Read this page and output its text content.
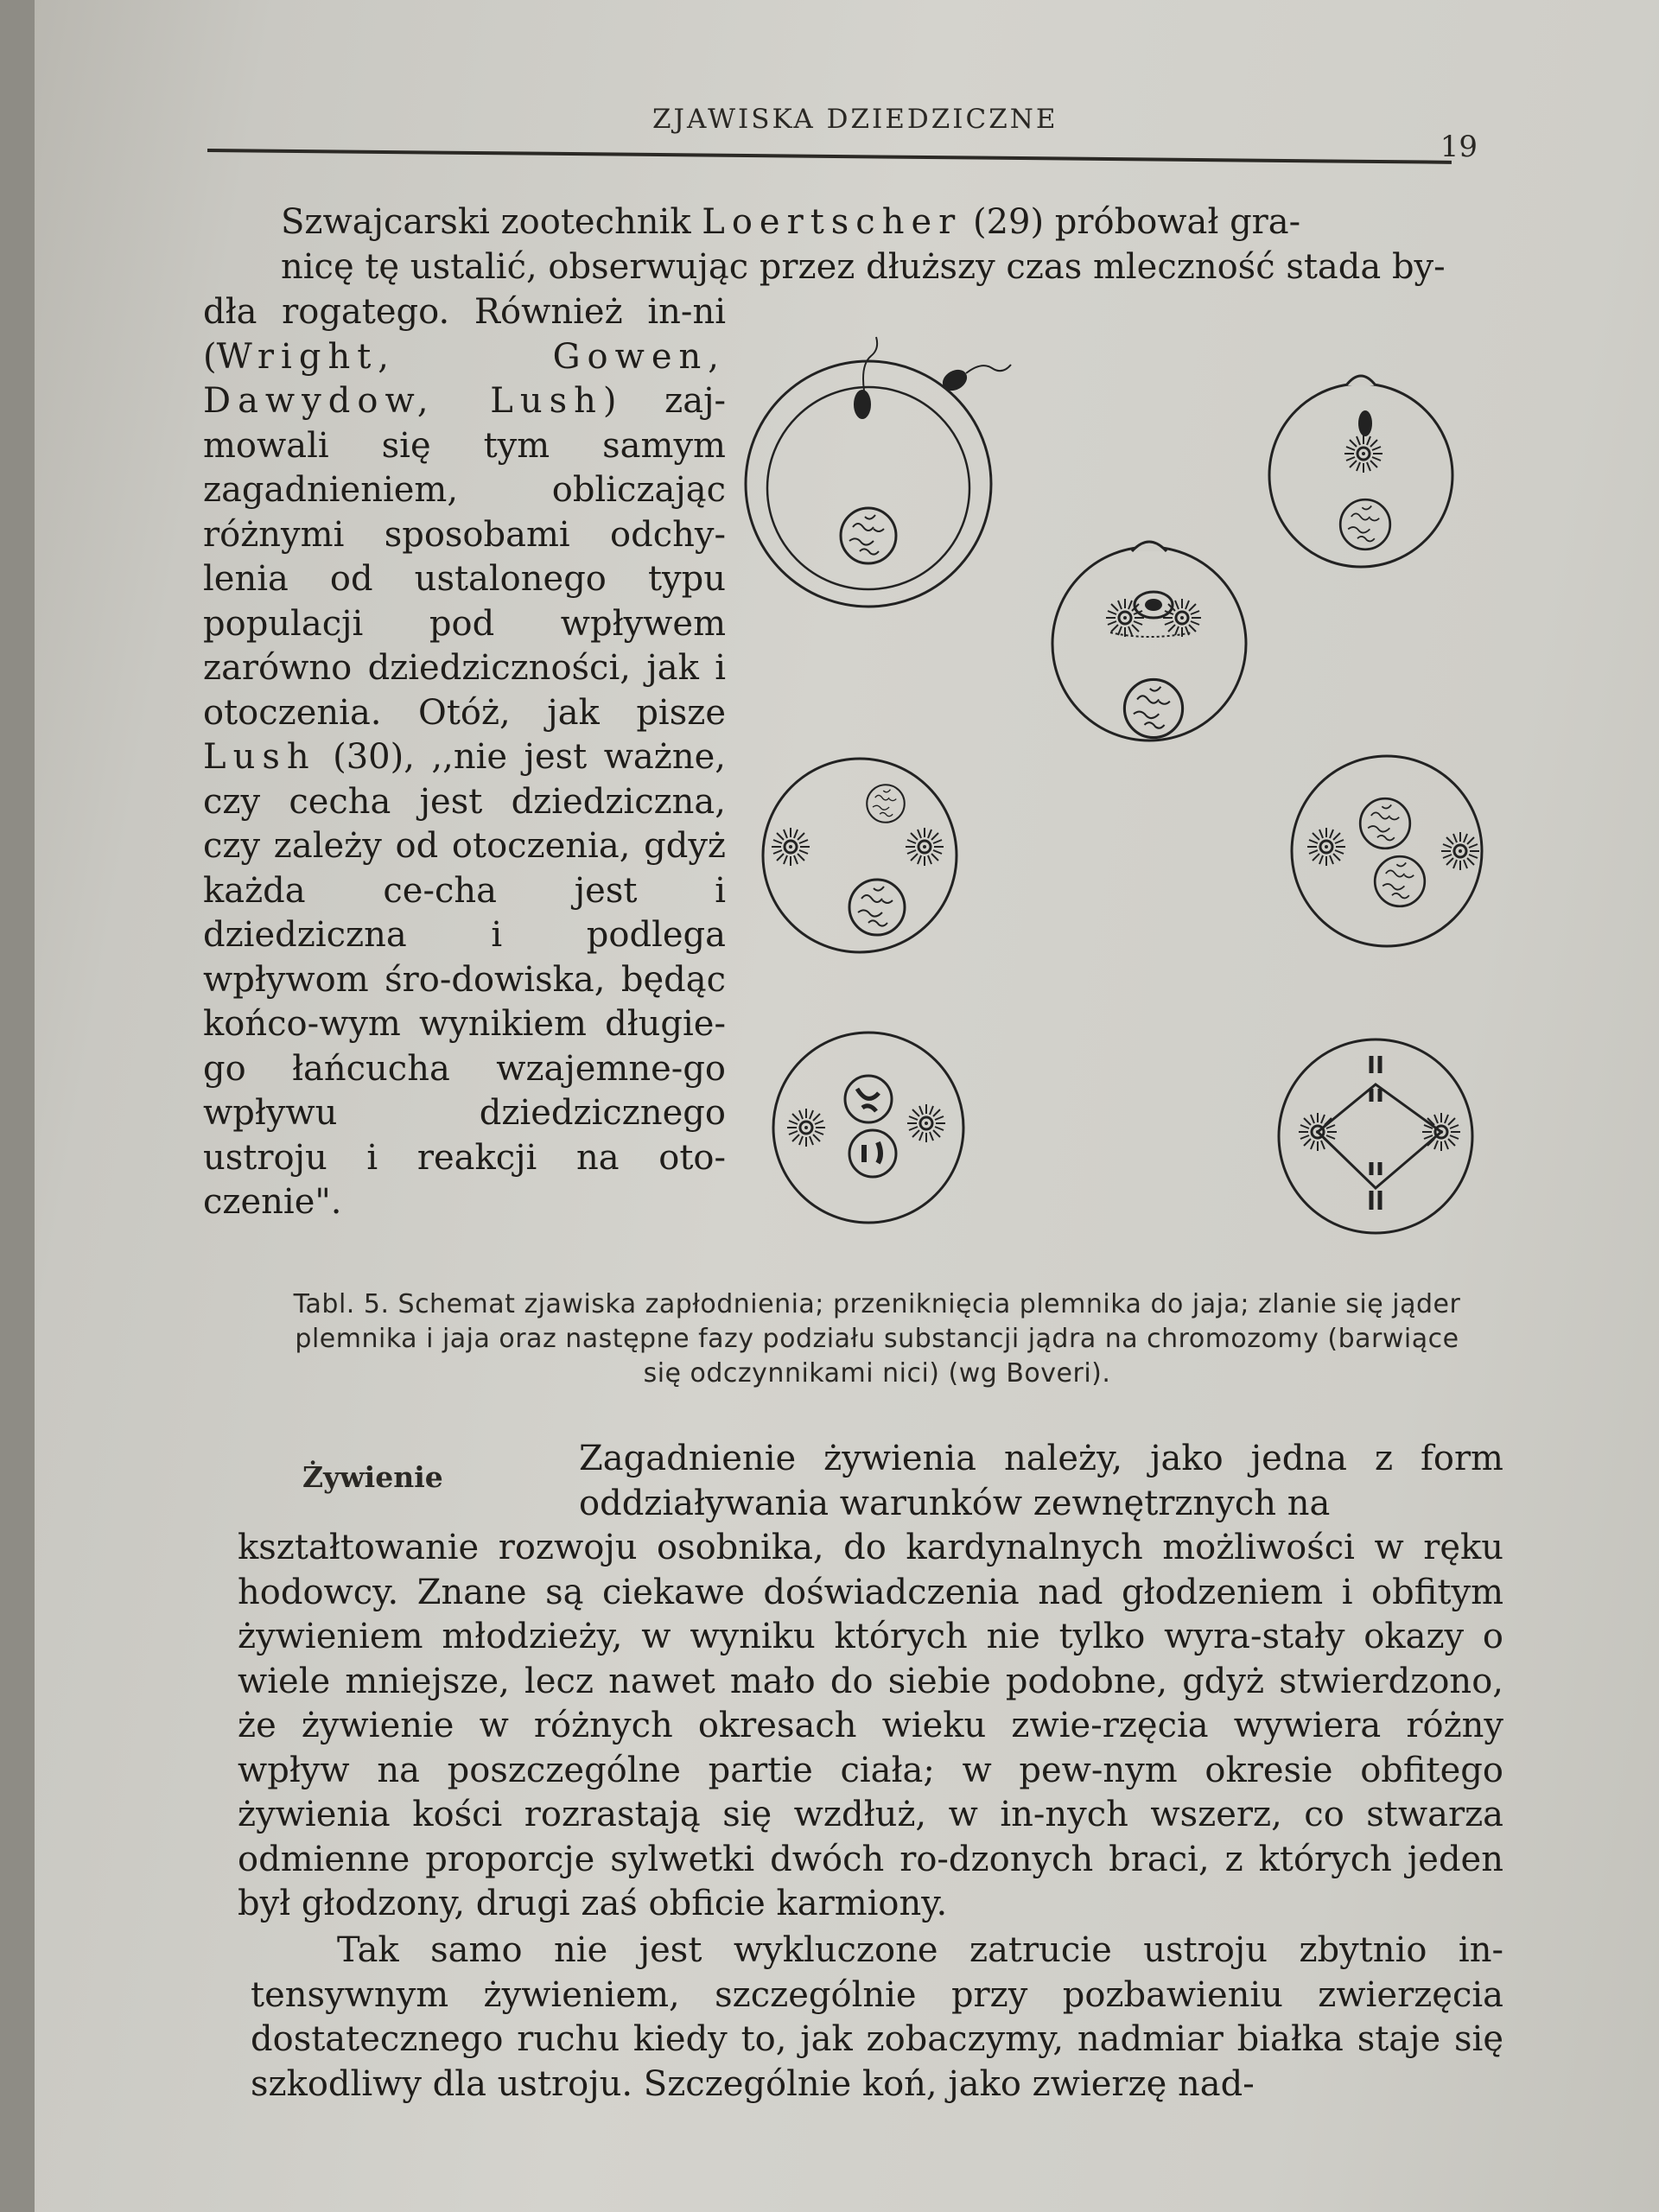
ZJAWISKA DZIEDZICZNE
19
Szwajcarski zootechnik Loertscher (29) próbował gra-
nicę tę ustalić, obserwując przez dłuższy czas mleczność stada by-
dła rogatego. Również in-ni (Wright, Gowen, Dawydow, Lush) zaj-mowali się tym samym zagadnieniem, obliczając różnymi sposobami odchy-lenia od ustalonego typu populacji pod wpływem zarówno dziedziczności, jak i otoczenia. Otóż, jak pisze Lush (30), ,,nie jest ważne, czy cecha jest dziedziczna, czy zależy od otoczenia, gdyż każda ce-cha jest i dziedziczna i podlega wpływom śro-dowiska, będąc końco-wym wynikiem długie-go łańcucha wzajemne-go wpływu dziedzicznego ustroju i reakcji na oto-czenie".
Tabl. 5. Schemat zjawiska zapłodnienia; przeniknięcia plemnika do jaja; zlanie się jąder plemnika i jaja oraz następne fazy podziału substancji jądra na chromozomy (barwiące się odczynnikami nici) (wg Boveri).
Żywienie	Zagadnienie żywienia należy, jako jedna z form oddziaływania warunków zewnętrznych na
kształtowanie rozwoju osobnika, do kardynalnych możliwości w ręku hodowcy. Znane są ciekawe doświadczenia nad głodzeniem i obfitym żywieniem młodzieży, w wyniku których nie tylko wyra-stały okazy o wiele mniejsze, lecz nawet mało do siebie podobne, gdyż stwierdzono, że żywienie w różnych okresach wieku zwie-rzęcia wywiera różny wpływ na poszczególne partie ciała; w pew-nym okresie obfitego żywienia kości rozrastają się wzdłuż, w in-nych wszerz, co stwarza odmienne proporcje sylwetki dwóch ro-dzonych braci, z których jeden był głodzony, drugi zaś obficie karmiony.
Tak samo nie jest wykluczone zatrucie ustroju zbytnio in-tensywnym żywieniem, szczególnie przy pozbawieniu zwierzęcia dostatecznego ruchu kiedy to, jak zobaczymy, nadmiar białka staje się szkodliwy dla ustroju. Szczególnie koń, jako zwierzę nad-
